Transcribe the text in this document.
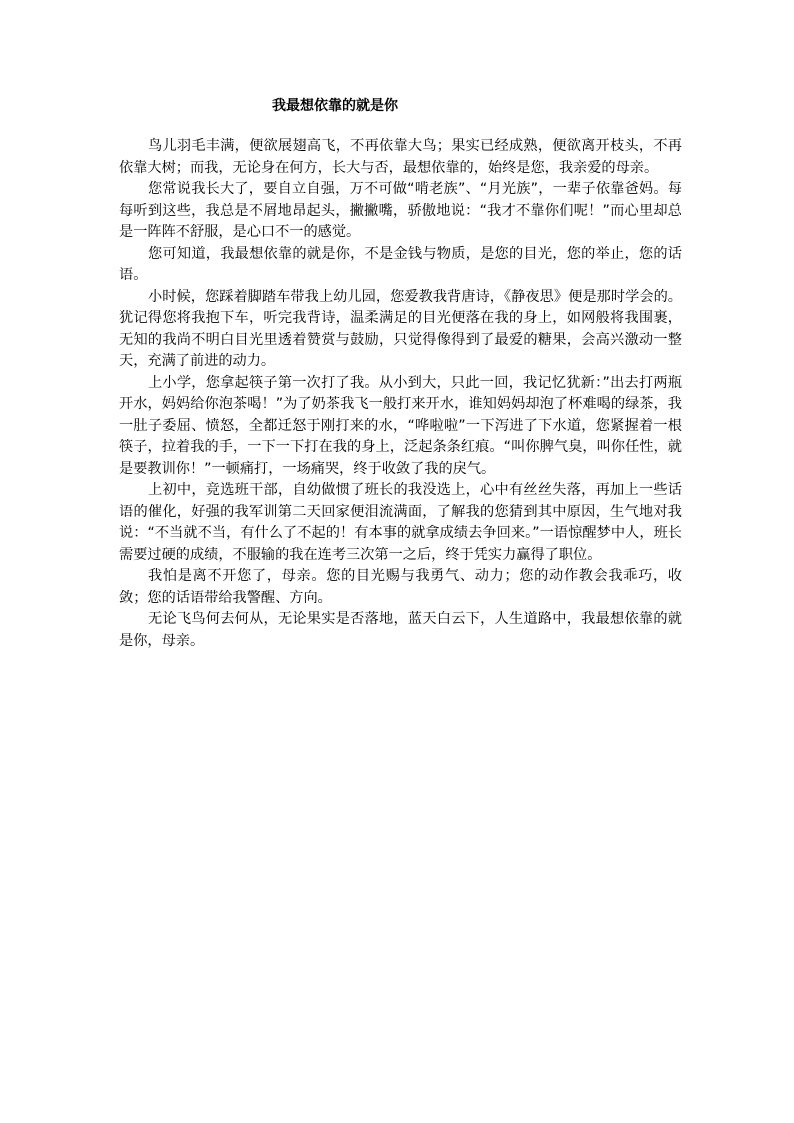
我最想依靠的就是你

鸟儿羽毛丰满，便欲展翅高飞，不再依靠大鸟；果实已经成熟，便欲离开枝头，不再依靠大树；而我，无论身在何方，长大与否，最想依靠的，始终是您，我亲爱的母亲。

您常说我长大了，要自立自强，万不可做“啃老族”、“月光族”，一辈子依靠爸妈。每每听到这些，我总是不屑地昂起头，撇撇嘴，骄傲地说：“我才不靠你们呢！”而心里却总是一阵阵不舒服，是心口不一的感觉。

您可知道，我最想依靠的就是你，不是金钱与物质，是您的目光，您的举止，您的话语。

小时候，您踩着脚踏车带我上幼儿园，您爱教我背唐诗，《静夜思》便是那时学会的。犹记得您将我抱下车，听完我背诗，温柔满足的目光便落在我的身上，如网般将我围裹，无知的我尚不明白目光里透着赞赏与鼓励，只觉得像得到了最爱的糖果，会高兴激动一整天，充满了前进的动力。

上小学，您拿起筷子第一次打了我。从小到大，只此一回，我记忆犹新：”出去打两瓶开水，妈妈给你泡茶喝！”为了奶茶我飞一般打来开水，谁知妈妈却泡了杯难喝的绿茶，我一肚子委屈、愤怒，全都迁怒于刚打来的水，“哗啦啦”一下泻进了下水道，您紧握着一根筷子，拉着我的手，一下一下打在我的身上，泛起条条红痕。“叫你脾气臭，叫你任性，就是要教训你！”一顿痛打，一场痛哭，终于收敛了我的戾气。

上初中，竞选班干部，自幼做惯了班长的我没选上，心中有丝丝失落，再加上一些话语的催化，好强的我军训第二天回家便泪流满面，了解我的您猜到其中原因，生气地对我说：“不当就不当，有什么了不起的！有本事的就拿成绩去争回来。”一语惊醒梦中人，班长需要过硬的成绩，不服输的我在连考三次第一之后，终于凭实力赢得了职位。

我怕是离不开您了，母亲。您的目光赐与我勇气、动力；您的动作教会我乖巧，收敛；您的话语带给我警醒、方向。

无论飞鸟何去何从，无论果实是否落地，蓝天白云下，人生道路中，我最想依靠的就是你，母亲。
